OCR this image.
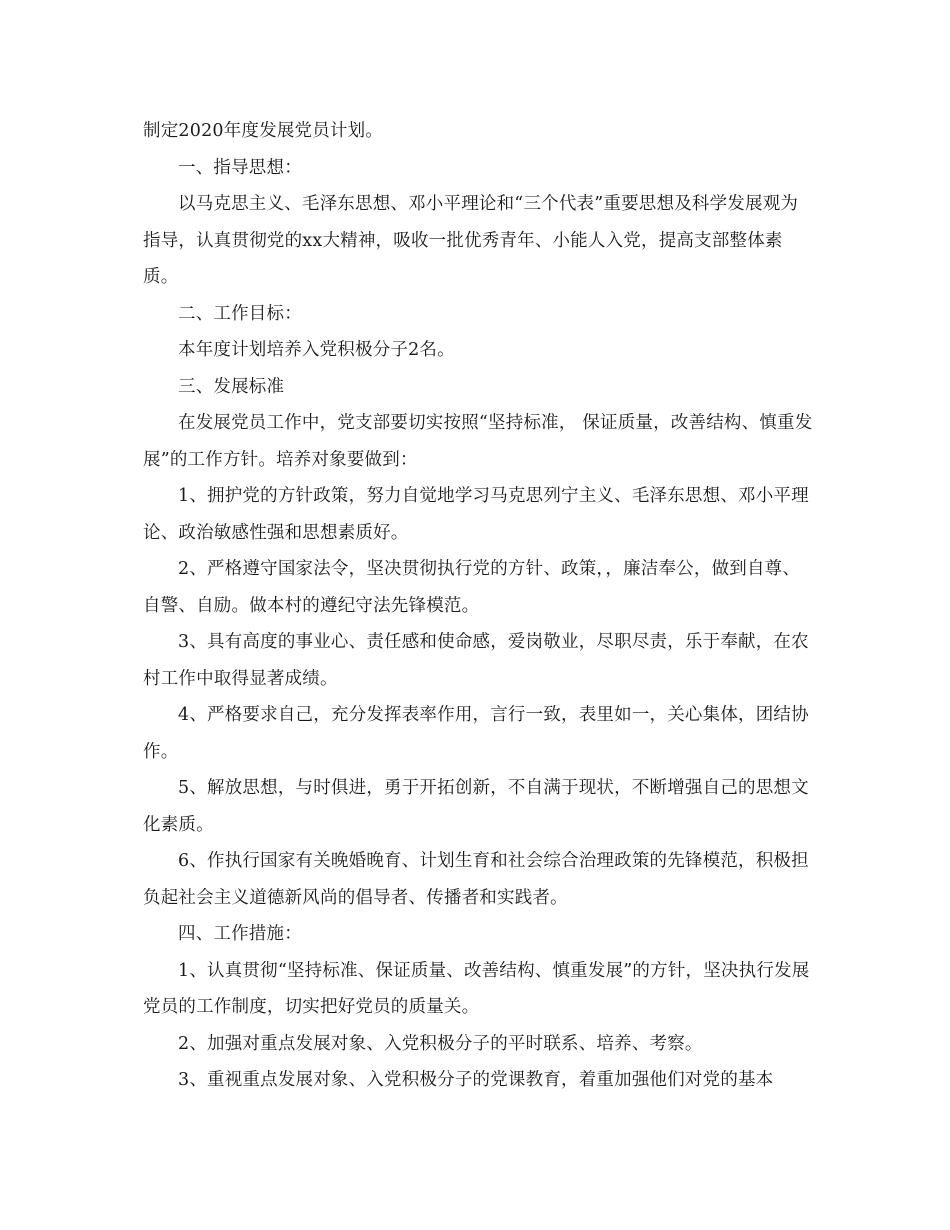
制定2020年度发展党员计划。

一、指导思想：

以马克思主义、毛泽东思想、邓小平理论和“三个代表”重要思想及科学发展观为指导，认真贯彻党的xx大精神，吸收一批优秀青年、小能人入党，提高支部整体素质。

二、工作目标：

本年度计划培养入党积极分子2名。

三、发展标准

在发展党员工作中，党支部要切实按照“坚持标准， 保证质量，改善结构、慎重发展”的工作方针。培养对象要做到：

1、拥护党的方针政策，努力自觉地学习马克思列宁主义、毛泽东思想、邓小平理论、政治敏感性强和思想素质好。

2、严格遵守国家法令，坚决贯彻执行党的方针、政策，，廉洁奉公，做到自尊、自警、自励。做本村的遵纪守法先锋模范。

3、具有高度的事业心、责任感和使命感，爱岗敬业，尽职尽责，乐于奉献，在农村工作中取得显著成绩。

4、严格要求自己，充分发挥表率作用，言行一致，表里如一，关心集体，团结协作。

5、解放思想，与时俱进，勇于开拓创新，不自满于现状，不断增强自己的思想文化素质。

6、作执行国家有关晚婚晚育、计划生育和社会综合治理政策的先锋模范，积极担负起社会主义道德新风尚的倡导者、传播者和实践者。

四、工作措施：

1、认真贯彻“坚持标准、保证质量、改善结构、慎重发展”的方针，坚决执行发展党员的工作制度，切实把好党员的质量关。

2、加强对重点发展对象、入党积极分子的平时联系、培养、考察。

3、重视重点发展对象、入党积极分子的党课教育，着重加强他们对党的基本
